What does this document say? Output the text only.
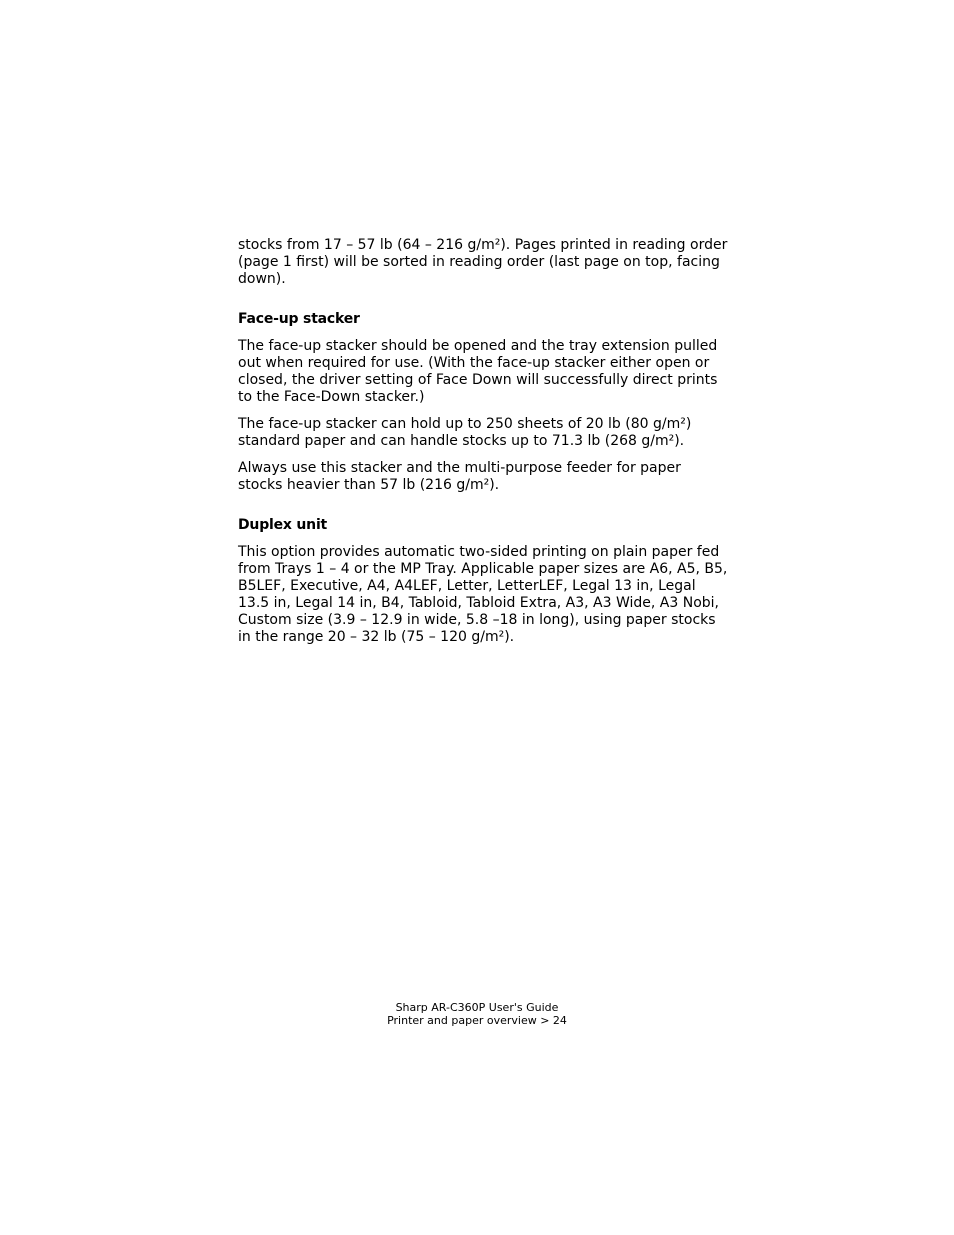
stocks from 17 – 57 lb (64 – 216 g/m²). Pages printed in reading order (page 1 first) will be sorted in reading order (last page on top, facing down).

Face-up stacker

The face-up stacker should be opened and the tray extension pulled out when required for use. (With the face-up stacker either open or closed, the driver setting of Face Down will successfully direct prints to the Face-Down stacker.)

The face-up stacker can hold up to 250 sheets of 20 lb (80 g/m²) standard paper and can handle stocks up to 71.3 lb (268 g/m²).

Always use this stacker and the multi-purpose feeder for paper stocks heavier than 57 lb (216 g/m²).

Duplex unit

This option provides automatic two-sided printing on plain paper fed from Trays 1 – 4 or the MP Tray. Applicable paper sizes are A6, A5, B5, B5LEF, Executive, A4, A4LEF, Letter, LetterLEF, Legal 13 in, Legal 13.5 in, Legal 14 in, B4, Tabloid, Tabloid Extra, A3, A3 Wide, A3 Nobi, Custom size (3.9 – 12.9 in wide, 5.8 –18 in long), using paper stocks in the range 20 – 32 lb (75 – 120 g/m²).

Sharp AR-C360P User's Guide
Printer and paper overview > 24
